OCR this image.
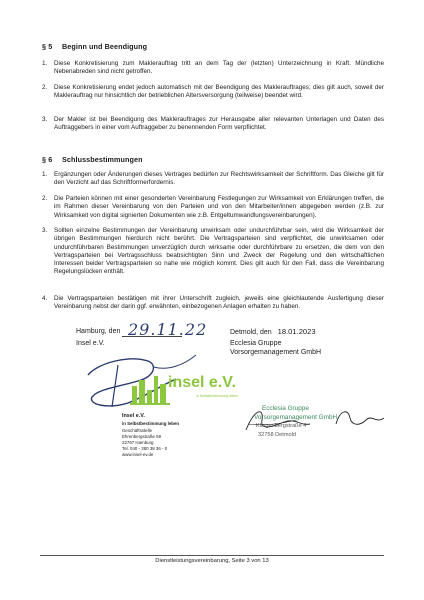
§ 5 Beginn und Beendigung
1. Diese Konkretisierung zum Maklerauftrag tritt an dem Tag der (letzten) Unterzeichnung in Kraft. Mündliche Nebenabreden sind nicht getroffen.
2. Diese Konkretisierung endet jedoch automatisch mit der Beendigung des Maklerauftrages; dies gilt auch, soweit der Maklerauftrag nur hinsichtlich der betrieblichen Altersversorgung (teilweise) beendet wird.
3. Der Makler ist bei Beendigung des Maklerauftrages zur Herausgabe aller relevanten Unterlagen und Daten des Auftraggebers in einer vom Auftraggeber zu benennenden Form verpflichtet.
§ 6 Schlussbestimmungen
1. Ergänzungen oder Änderungen dieses Vertrages bedürfen zur Rechtswirksamkeit der Schriftform. Das Gleiche gilt für den Verzicht auf das Schriftformerfordernis.
2. Die Parteien können mit einer gesonderten Vereinbarung Festlegungen zur Wirksamkeit von Erklärungen treffen, die im Rahmen dieser Vereinbarung von den Parteien und von den Mitarbeiter/innen abgegeben werden (z.B. zur Wirksamkeit von digital signierten Dokumenten wie z.B. Entgeltumwandlungsvereinbarungen).
3. Sollten einzelne Bestimmungen der Vereinbarung unwirksam oder undurchführbar sein, wird die Wirksamkeit der übrigen Bestimmungen hierdurch nicht berührt. Die Vertragsparteien sind verpflichtet, die unwirksamen oder undurchführbaren Bestimmungen unverzüglich durch wirksame oder durchführbare zu ersetzen, die dem von den Vertragsparteien bei Vertragsschluss beabsichtigten Sinn und Zweck der Regelung und den wirtschaftlichen Interessen beider Vertragsparteien so nahe wie möglich kommt. Dies gilt auch für den Fall, dass die Vereinbarung Regelungslücken enthält.
4. Die Vertragsparteien bestätigen mit ihrer Unterschrift zugleich, jeweils eine gleichlautende Ausfertigung dieser Vereinbarung nebst der darin ggf. erwähnten, einbezogenen Anlagen erhalten zu haben.
Hamburg, den 29.11.22
Insel e.V.
insel e.V.
in Selbstbestimmung leben
Insel e.V.
in Selbstbestimmung leben
Geschäftsstelle
Ehrenbergstraße 59
22767 Hamburg
Tel. 040 - 380 38 36 - 0
www.insel-ev.de
Detmold, den 18.01.2023
Ecclesia Gruppe
Vorsorgemanagement GmbH
Ecclesia Gruppe
Vorsorgemanagement GmbH
Klingenbergstraße 4
32758 Detmold
Dienstleistungsvereinbarung, Seite 3 von 13
